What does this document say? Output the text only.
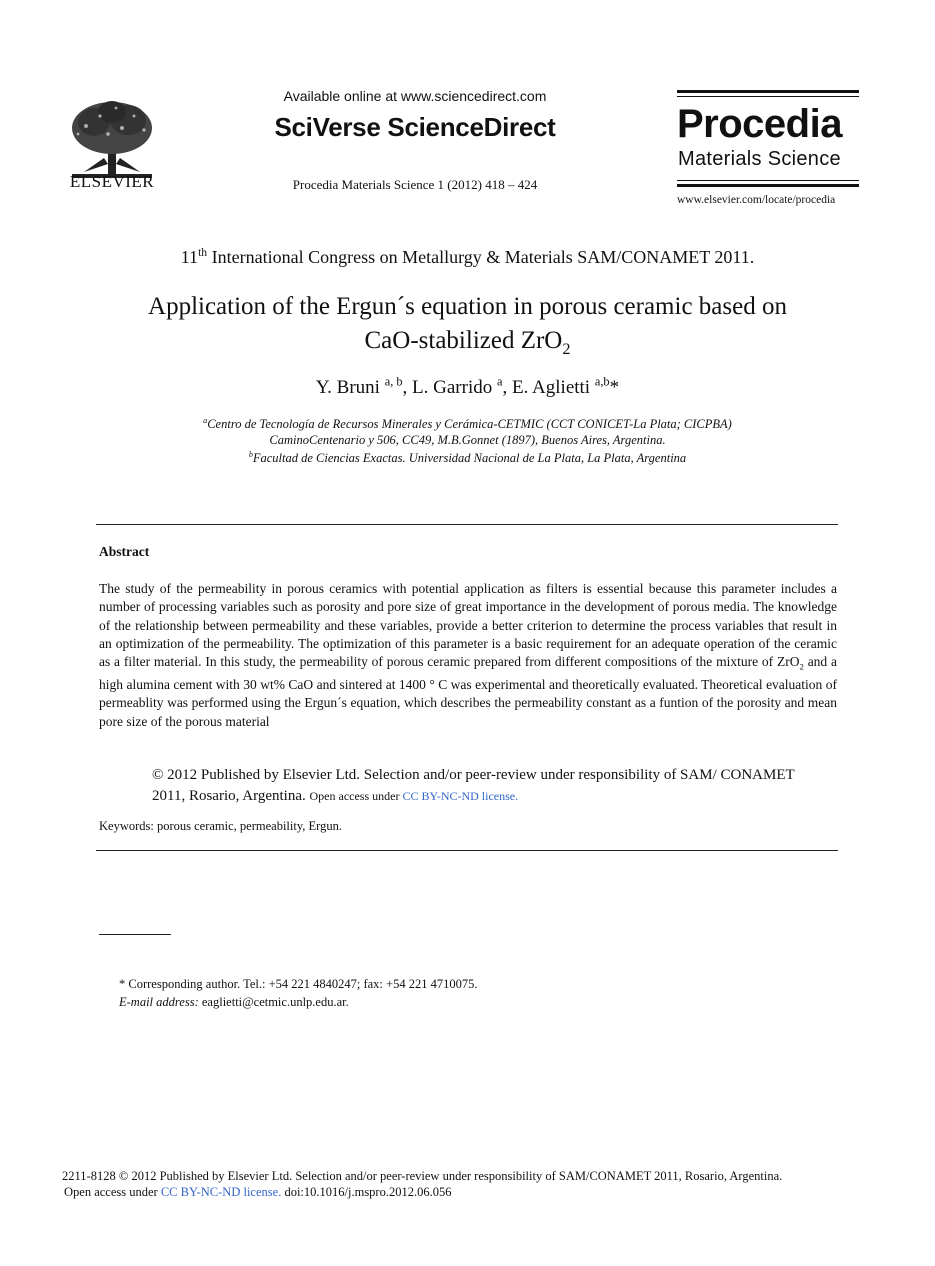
ELSEVIER
Available online at www.sciencedirect.com
SciVerse ScienceDirect
Procedia Materials Science 1 (2012) 418 – 424
Procedia
Materials Science
www.elsevier.com/locate/procedia
11th International Congress on Metallurgy & Materials SAM/CONAMET 2011.
Application of the Ergun´s equation in porous ceramic based on
CaO-stabilized ZrO$_2$
Y. Bruni $^{a, b}$, L. Garrido $^a$, E. Aglietti $^{a,b}$*
$^a$Centro de Tecnología de Recursos Minerales y Cerámica-CETMIC (CCT CONICET-La Plata; CICPBA)
CaminoCentenario y 506, CC49, M.B.Gonnet (1897), Buenos Aires, Argentina.
$^b$Facultad de Ciencias Exactas. Universidad Nacional de La Plata, La Plata, Argentina
Abstract
The study of the permeability in porous ceramics with potential application as filters is essential because this parameter includes a number of processing variables such as porosity and pore size of great importance in the development of porous media. The knowledge of the relationship between permeability and these variables, provide a better criterion to determine the process variables that result in an optimization of the permeability. The optimization of this parameter is a basic requirement for an adequate operation of the ceramic as a filter material. In this study, the permeability of porous ceramic prepared from different compositions of the mixture of ZrO$_2$ and a high alumina cement with 30 wt% CaO and sintered at 1400 ° C was experimental and theoretically evaluated. Theoretical evaluation of permeablity was performed using the Ergun´s equation, which describes the permeability constant as a funtion of the porosity and mean pore size of the porous material
© 2012 Published by Elsevier Ltd. Selection and/or peer-review under responsibility of SAM/ CONAMET 2011, Rosario, Argentina. Open access under CC BY-NC-ND license.
Keywords: porous ceramic, permeability, Ergun.
* Corresponding author. Tel.: +54 221 4840247; fax: +54 221 4710075.
E-mail address: eaglietti@cetmic.unlp.edu.ar.
2211-8128 © 2012 Published by Elsevier Ltd. Selection and/or peer-review under responsibility of SAM/CONAMET 2011, Rosario, Argentina.
Open access under CC BY-NC-ND license. doi:10.1016/j.mspro.2012.06.056
